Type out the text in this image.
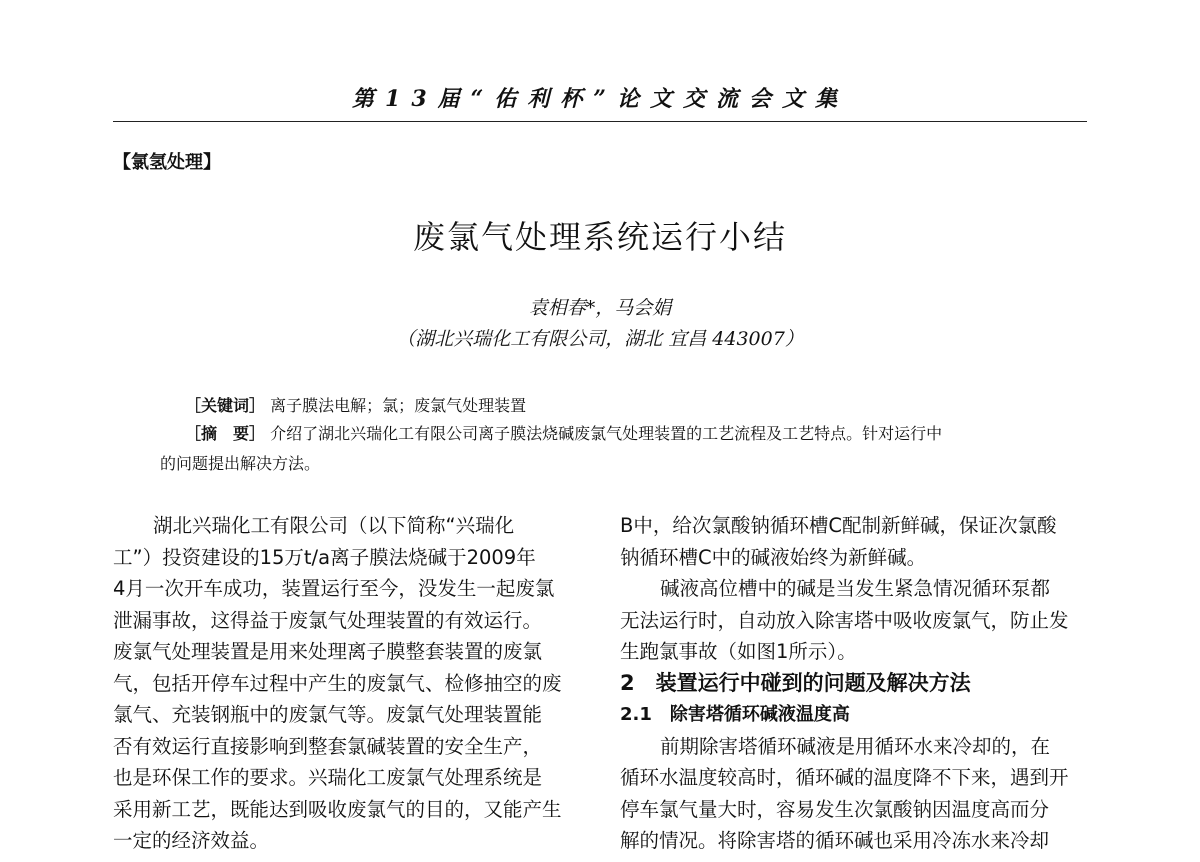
第13届“佑利杯”论文交流会文集
【氯氢处理】
废氯气处理系统运行小结
袁相春*，马会娟
（湖北兴瑞化工有限公司，湖北 宜昌 443007）
［关键词］ 离子膜法电解；氯；废氯气处理装置
［摘　要］ 介绍了湖北兴瑞化工有限公司离子膜法烧碱废氯气处理装置的工艺流程及工艺特点。针对运行中
的问题提出解决方法。
湖北兴瑞化工有限公司（以下简称“兴瑞化
工”）投资建设的15万t/a离子膜法烧碱于2009年
4月一次开车成功，装置运行至今，没发生一起废氯
泄漏事故，这得益于废氯气处理装置的有效运行。
废氯气处理装置是用来处理离子膜整套装置的废氯
气，包括开停车过程中产生的废氯气、检修抽空的废
氯气、充装钢瓶中的废氯气等。废氯气处理装置能
否有效运行直接影响到整套氯碱装置的安全生产，
也是环保工作的要求。兴瑞化工废氯气处理系统是
采用新工艺，既能达到吸收废氯气的目的，又能产生
一定的经济效益。
B中，给次氯酸钠循环槽C配制新鲜碱，保证次氯酸
钠循环槽C中的碱液始终为新鲜碱。
碱液高位槽中的碱是当发生紧急情况循环泵都
无法运行时，自动放入除害塔中吸收废氯气，防止发
生跑氯事故（如图1所示）。
2　装置运行中碰到的问题及解决方法
2.1　除害塔循环碱液温度高
前期除害塔循环碱液是用循环水来冷却的，在
循环水温度较高时，循环碱的温度降不下来，遇到开
停车氯气量大时，容易发生次氯酸钠因温度高而分
解的情况。将除害塔的循环碱也采用冷冻水来冷却
